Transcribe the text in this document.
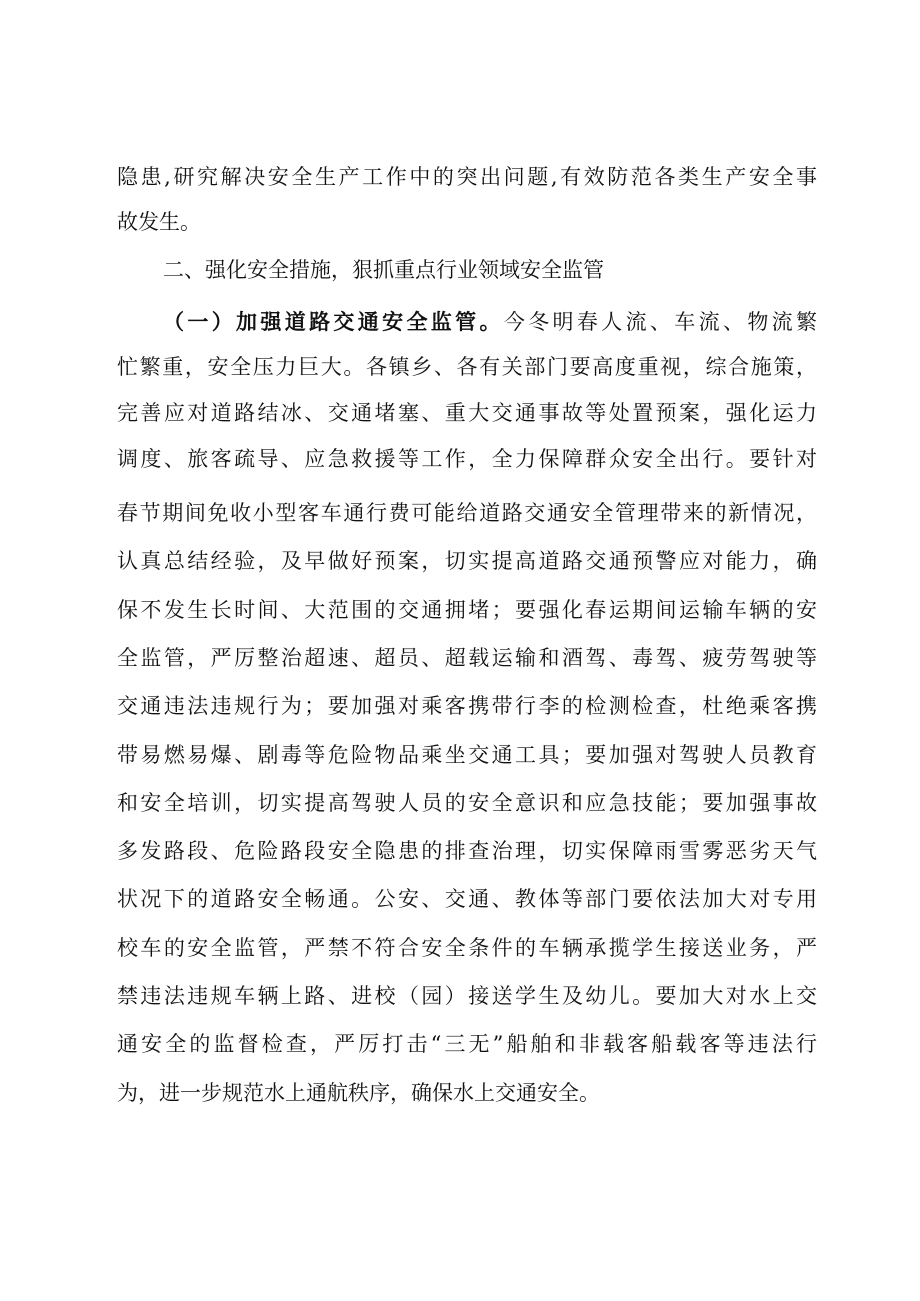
隐患,研究解决安全生产工作中的突出问题,有效防范各类生产安全事
故发生。
二、强化安全措施，狠抓重点行业领域安全监管
（一）加强道路交通安全监管。今冬明春人流、车流、物流繁
忙繁重，安全压力巨大。各镇乡、各有关部门要高度重视，综合施策，
完善应对道路结冰、交通堵塞、重大交通事故等处置预案，强化运力
调度、旅客疏导、应急救援等工作，全力保障群众安全出行。要针对
春节期间免收小型客车通行费可能给道路交通安全管理带来的新情况，
认真总结经验，及早做好预案，切实提高道路交通预警应对能力，确
保不发生长时间、大范围的交通拥堵；要强化春运期间运输车辆的安
全监管，严厉整治超速、超员、超载运输和酒驾、毒驾、疲劳驾驶等
交通违法违规行为；要加强对乘客携带行李的检测检查，杜绝乘客携
带易燃易爆、剧毒等危险物品乘坐交通工具；要加强对驾驶人员教育
和安全培训，切实提高驾驶人员的安全意识和应急技能；要加强事故
多发路段、危险路段安全隐患的排查治理，切实保障雨雪雾恶劣天气
状况下的道路安全畅通。公安、交通、教体等部门要依法加大对专用
校车的安全监管，严禁不符合安全条件的车辆承揽学生接送业务，严
禁违法违规车辆上路、进校（园）接送学生及幼儿。要加大对水上交
通安全的监督检查，严厉打击“三无”船舶和非载客船载客等违法行
为，进一步规范水上通航秩序，确保水上交通安全。
